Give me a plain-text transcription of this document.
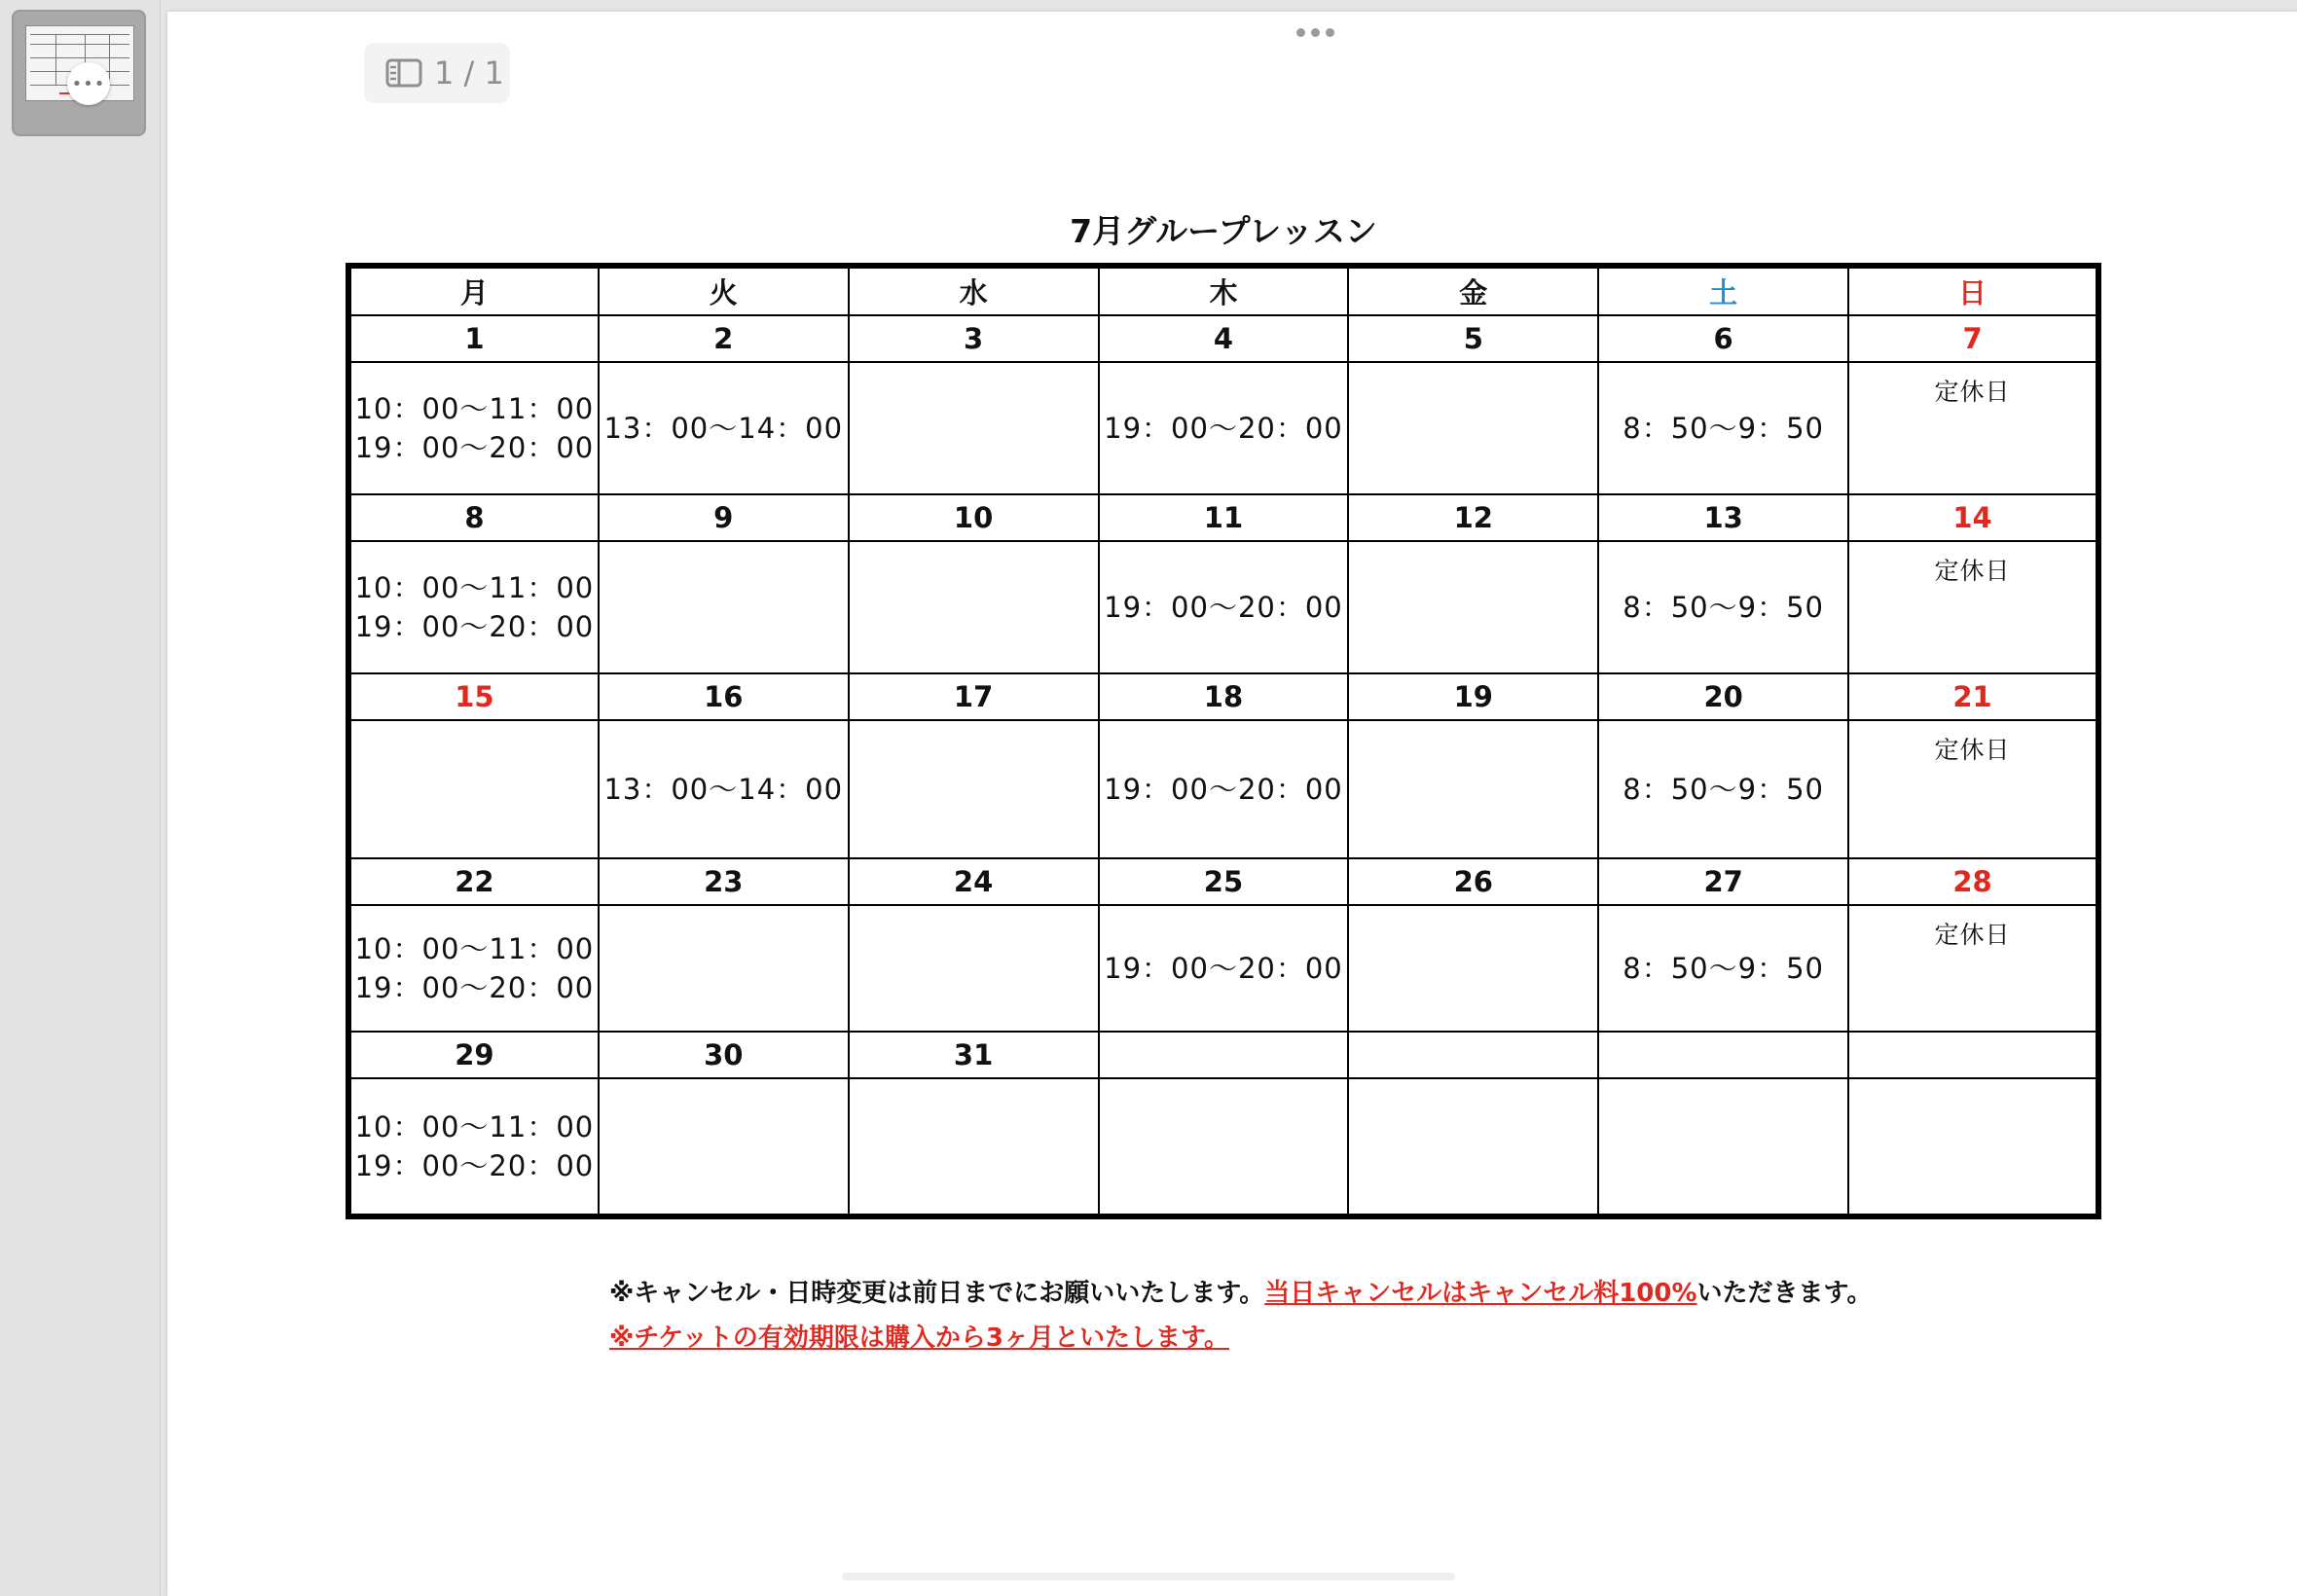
•••	1 / 1
7月グループレッスン
月	火	水	木	金	土	日
1	2	3	4	5	6	7

10：00〜11：00
19：00〜20：00	13：00〜14：00		19：00〜20：00		8：50〜9：50	定休日

8	9	10	11	12	13	14

10：00〜11：00
19：00〜20：00			19：00〜20：00		8：50〜9：50	定休日

15	16	17	18	19	20	21

	13：00〜14：00		19：00〜20：00		8：50〜9：50	定休日

22	23	24	25	26	27	28

10：00〜11：00
19：00〜20：00			19：00〜20：00		8：50〜9：50	定休日

29	30	31				

10：00〜11：00
19：00〜20：00						

※キャンセル・日時変更は前日までにお願いいたします。当日キャンセルはキャンセル料100%いただきます。
※チケットの有効期限は購入から3ヶ月といたします。
